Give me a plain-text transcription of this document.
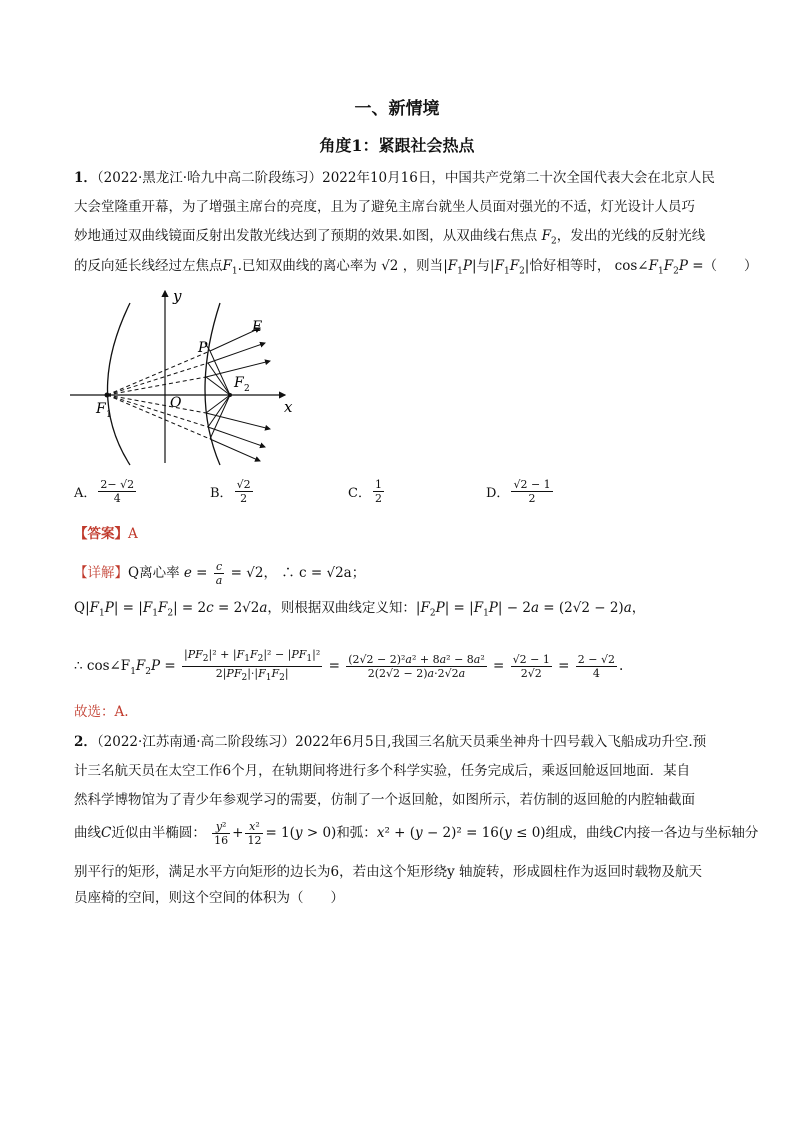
一、新情境
角度1：紧跟社会热点
1．（2022·黑龙江·哈九中高二阶段练习）2022年10月16日，中国共产党第二十次全国代表大会在北京人民
大会堂隆重开幕，为了增强主席台的亮度，且为了避免主席台就坐人员面对强光的不适，灯光设计人员巧
妙地通过双曲线镜面反射出发散光线达到了预期的效果.如图，从双曲线右焦点 $F_2$，发出的光线的反射光线
的反向延长线经过左焦点$F_1$.已知双曲线的离心率为 √2 ，则当$|F_1P|$与$|F_1F_2|$恰好相等时， $\cos\angle F_1F_2P$ =（　　）
y
x
E
P
F 2
F 1
O
A． $\frac{2- √2}{4}$	B． $\frac{√2}{2}$	C． $\frac{1}{2}$	D． $\frac{√2 - 1}{2}$
【答案】A
【详解】Q离心率 $e = \frac{c}{a} = √2$， ∴ c = √2a；
$Q|F_1P| = |F_1F_2| = 2c = 2√2a$，则根据双曲线定义知：$|F_2P| = |F_1P| - 2a = (2√2 - 2)a$，
∴ $\cos\angle F_1F_2P = \frac{|PF_2|^2 + |F_1F_2|^2 - |PF_1|^2}{2|PF_2|\cdot|F_1F_2|} = \frac{\text{(2√2 − 2)²a² + 8a² − 8a²}}{2(2√2 - 2)a\cdot 2√2a} = \frac{√2 - 1}{2√2} = \frac{2 - √2}{4}$ .
故选：A.
2．（2022·江苏南通·高二阶段练习）2022年6月5日,我国三名航天员乘坐神舟十四号载入飞船成功升空.预
计三名航天员在太空工作6个月，在轨期间将进行多个科学实验，任务完成后，乘返回舱返回地面．某自
然科学博物馆为了青少年参观学习的需要，仿制了一个返回舱，如图所示，若仿制的返回舱的内腔轴截面
曲线C近似由半椭圆： $\frac{\text{y²}}{16} + \frac{\text{x²}}{12} = 1(y > 0)$和弧：x² + (y − 2)² = 16(y ≤ 0)组成，曲线C内接一各边与坐标轴分
别平行的矩形，满足水平方向矩形的边长为6，若由这个矩形绕y 轴旋转，形成圆柱作为返回时载物及航天
员座椅的空间，则这个空间的体积为（　　）
